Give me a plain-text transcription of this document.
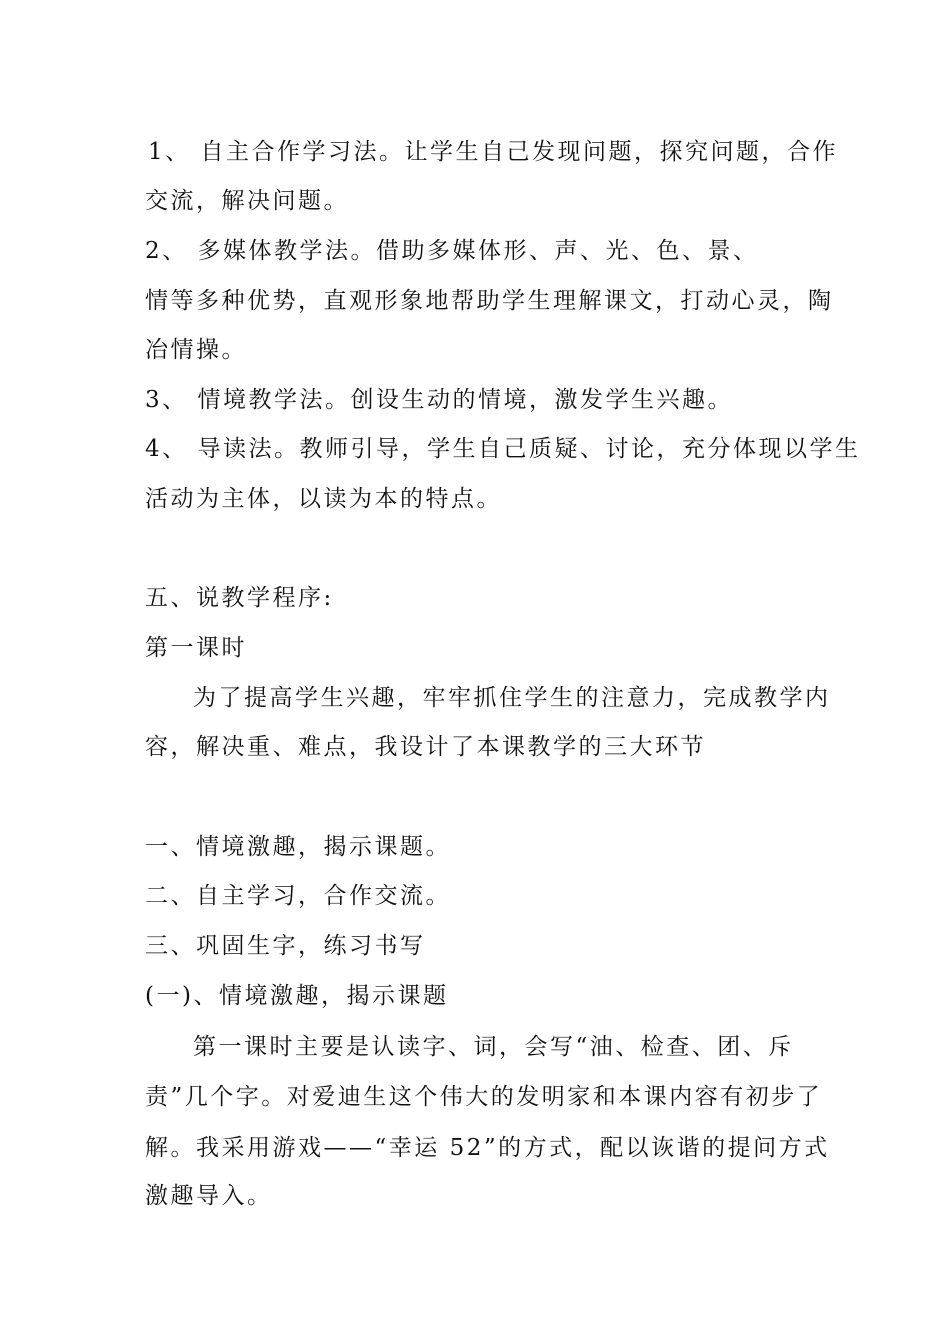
1、 自主合作学习法。让学生自己发现问题，探究问题，合作
交流，解决问题。
2、 多媒体教学法。借助多媒体形、声、光、色、景、
情等多种优势，直观形象地帮助学生理解课文，打动心灵，陶
冶情操。
3、 情境教学法。创设生动的情境，激发学生兴趣。
4、 导读法。教师引导，学生自己质疑、讨论，充分体现以学生
活动为主体，以读为本的特点。
五、说教学程序:
第一课时
为了提高学生兴趣，牢牢抓住学生的注意力，完成教学内
容，解决重、难点，我设计了本课教学的三大环节
一、情境激趣，揭示课题。
二、自主学习，合作交流。
三、巩固生字，练习书写
(一)、情境激趣，揭示课题
第一课时主要是认读字、词，会写“油、检查、团、斥
责”几个字。对爱迪生这个伟大的发明家和本课内容有初步了
解。我采用游戏——“幸运 52”的方式，配以诙谐的提问方式
激趣导入。
